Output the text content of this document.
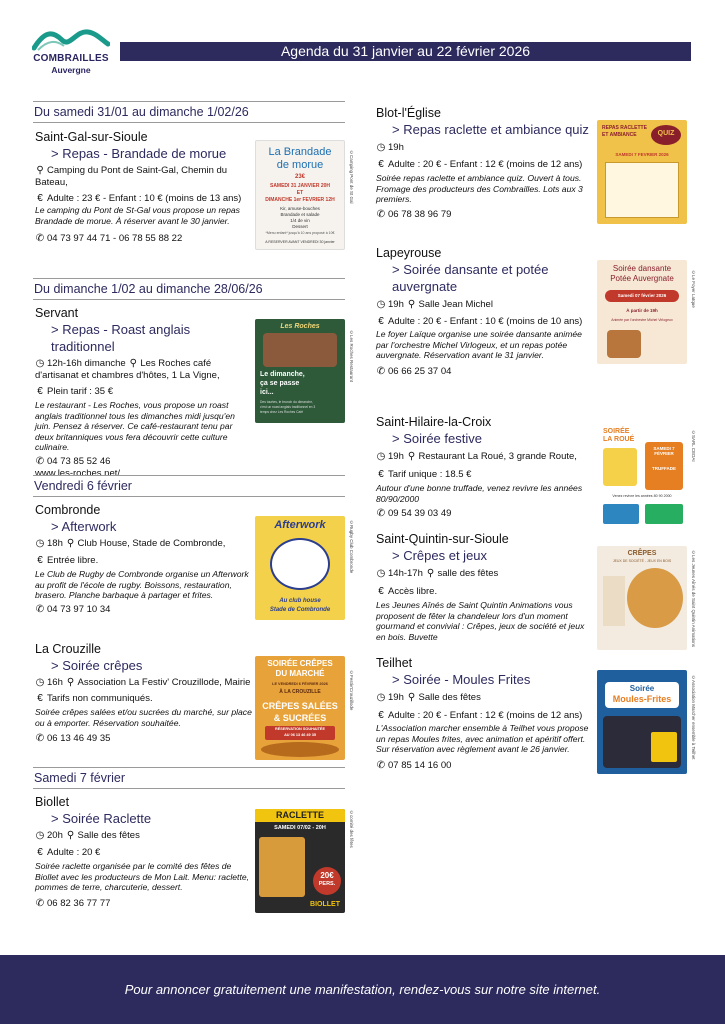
COMBRAILLES
Auvergne
Agenda du 31 janvier au 22 février 2026
Du samedi 31/01 au dimanche 1/02/26
Saint-Gal-sur-Sioule
> Repas - Brandade de morue
⚲ Camping du Pont de Saint-Gal, Chemin du Bateau,
€ Adulte : 23 € - Enfant : 10 € (moins de 13 ans)
Le camping du Pont de St-Gal vous propose un repas Brandade de morue. À réserver avant le 30 janvier.
✆ 04 73 97 44 71 - 06 78 55 88 22
La Brandade
de morue
23€
SAMEDI 31 JANVIER 20H
ET
DIMANCHE 1er FEVRIER 12H
Kir, amuse-bouches
Brandade et salade
1/4 de vin
Dessert
*Menu enfant* jusqu'à 10 ans proposé à 10€
A RESERVER AVANT VENDREDI 30 janvier
©Camping Pont de St Gal
Du dimanche 1/02 au dimanche 28/06/26
Servant
> Repas - Roast anglais traditionnel
◷ 12h-16h dimanche ⚲ Les Roches café d'artisanat et chambres d'hôtes, 1 La Vigne,
€ Plein tarif : 35 €
Le restaurant - Les Roches, vous propose un roast anglais traditionnel tous les dimanches midi jusqu'en juin. Pensez à réserver. Ce café-restaurant tenu par deux britanniques vous fera découvrir cette culture culinaire.
✆ 04 73 85 52 46
www.les-roches.net/
Les Roches
Le dimanche,
ça se passe
ici...
Des tourtes, le brunch du dimanche,
c'est un roast anglais traditionnel en 3
temps chez Les Roches Café
©Les Roches Restaurant
Vendredi 6 février
Combronde
> Afterwork
◷ 18h ⚲ Club House, Stade de Combronde,
€ Entrée libre.
Le Club de Rugby de Combronde organise un Afterwork au profit de l'école de rugby. Boissons, restauration, brasero. Planche barbaque à partager et frites.
✆ 04 73 97 10 34
Afterwork
Au club house
Stade de Combronde
©Rugby Club Combronde
La Crouzille
> Soirée crêpes
◷ 16h ⚲ Association La Festiv' Crouzillode, Mairie
€ Tarifs non communiqués.
Soirée crêpes salées et/ou sucrées du marché, sur place ou à emporter. Réservation souhaitée.
✆ 06 13 46 49 35
SOIRÉE CRÊPES
DU MARCHÉ
LE VENDREDI 6 FÉVRIER 2026
À LA CROUZILLE
CRÊPES SALÉES
& SUCRÉES
RÉSERVATION SOUHAITÉE
AU 06 13 46 49 35
©Festiv'Crouzillode
Samedi 7 février
Biollet
> Soirée Raclette
◷ 20h ⚲ Salle des fêtes
€ Adulte : 20 €
Soirée raclette organisée par le comité des fêtes de Biollet avec les producteurs de Mon Lait. Menu: raclette, pommes de terre, charcuterie, dessert.
✆ 06 82 36 77 77
RACLETTE
SAMEDI 07/02 - 20H
20€
PERS.
BIOLLET
©comité des fêtes
Blot-l'Église
> Repas raclette et ambiance quiz
◷ 19h
€ Adulte : 20 € - Enfant : 12 € (moins de 12 ans)
Soirée repas raclette et ambiance quiz. Ouvert à tous. Fromage des producteurs des Combrailles. Lots aux 3 premiers.
✆ 06 78 38 96 79
REPAS RACLETTE
ET AMBIANCE	QUIZ
SAMEDI 7 FEVRIER 2026
Lapeyrouse
> Soirée dansante et potée auvergnate
◷ 19h ⚲ Salle Jean Michel
€ Adulte : 20 € - Enfant : 10 € (moins de 10 ans)
Le foyer Laïque organise une soirée dansante animée par l'orchestre Michel Virlogeux, et un repas potée auvergnate. Réservation avant le 31 janvier.
✆ 06 66 25 37 04
Soirée dansante
Potée Auvergnate
Samedi 07 février 2026
À partir de 19h
Animée par l'orchestre Michel Virlogeux
©Le Foyer Laïque
Saint-Hilaire-la-Croix
> Soirée festive
◷ 19h ⚲ Restaurant La Roué, 3 grande Route,
€ Tarif unique : 18.5 €
Autour d'une bonne truffade, venez revivre les années 80/90/2000
✆ 09 54 39 03 49
SOIRÉE
LA ROUÉ
SAMEDI 7 FÉVRIER
TRUFFADE
Venez revivre les années 80 90 2000
©SARL CEDAI
Saint-Quintin-sur-Sioule
> Crêpes et jeux
◷ 14h-17h ⚲ salle des fêtes
€ Accès libre.
Les Jeunes Aînés de Saint Quintin Animations vous proposent de fêter la chandeleur lors d'un moment gourmand et convivial : Crêpes, jeux de société et jeux en bois. Buvette
CRÊPES
JEUX DE SOCIÉTÉ - JEUX EN BOIS	©Les Jeunes Aînés de Saint Quintin Animations
Teilhet
> Soirée - Moules Frites
◷ 19h ⚲ Salle des fêtes
€ Adulte : 20 € - Enfant : 12 € (moins de 12 ans)
L'Association marcher ensemble à Teilhet vous propose un repas Moules frites, avec animation et apéritif offert. Sur réservation avec règlement avant le 26 janvier.
✆ 07 85 14 16 00
Soirée
Moules-Frites	©Association Marcher ensemble à Teilhet
Pour annoncer gratuitement une manifestation, rendez-vous sur notre site internet.
